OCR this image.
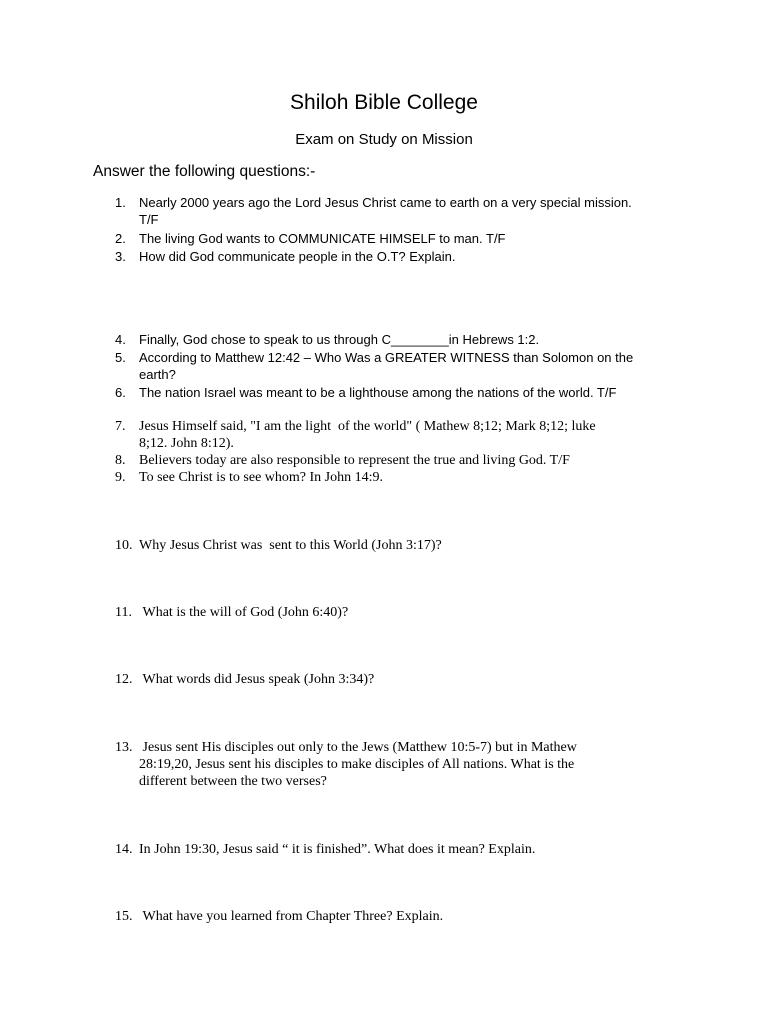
Shiloh Bible College
Exam on Study on Mission
Answer the following questions:-
1.	Nearly 2000 years ago the Lord Jesus Christ came to earth on a very special mission.
T/F
2.	The living God wants to COMMUNICATE HIMSELF to man. T/F
3.	How did God communicate people in the O.T? Explain.
4.	Finally, God chose to speak to us through C________in Hebrews 1:2.
5.	According to Matthew 12:42 – Who Was a GREATER WITNESS than Solomon on the
earth?
6.	The nation Israel was meant to be a lighthouse among the nations of the world. T/F
7. Jesus Himself said, "I am the light  of the world" ( Mathew 8;12; Mark 8;12; luke
8;12. John 8:12).
8. Believers today are also responsible to represent the true and living God. T/F
9. To see Christ is to see whom? In John 14:9.
10. Why Jesus Christ was  sent to this World (John 3:17)?
11. What is the will of God (John 6:40)?
12. What words did Jesus speak (John 3:34)?
13. Jesus sent His disciples out only to the Jews (Matthew 10:5-7) but in Mathew
28:19,20, Jesus sent his disciples to make disciples of All nations. What is the
different between the two verses?
14. In John 19:30, Jesus said “ it is finished”. What does it mean? Explain.
15. What have you learned from Chapter Three? Explain.
